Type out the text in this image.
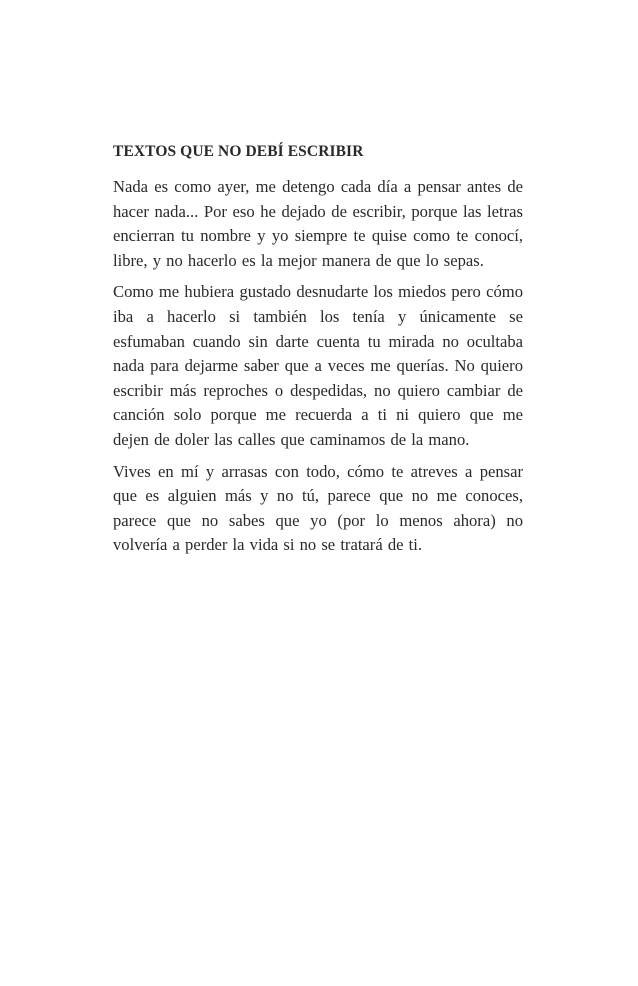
TEXTOS QUE NO DEBÍ ESCRIBIR

Nada es como ayer, me detengo cada día a pensar antes de hacer nada... Por eso he dejado de escribir, porque las letras encierran tu nombre y yo siempre te quise como te conocí, libre, y no hacerlo es la mejor manera de que lo sepas.

Como me hubiera gustado desnudarte los miedos pero cómo iba a hacerlo si también los tenía y únicamente se esfumaban cuando sin darte cuenta tu mirada no ocultaba nada para dejarme saber que a veces me querías. No quiero escribir más reproches o despedidas, no quiero cambiar de canción solo porque me recuerda a ti ni quiero que me dejen de doler las calles que caminamos de la mano.

Vives en mí y arrasas con todo, cómo te atreves a pensar que es alguien más y no tú, parece que no me conoces, parece que no sabes que yo (por lo menos ahora) no volvería a perder la vida si no se tratará de ti.
